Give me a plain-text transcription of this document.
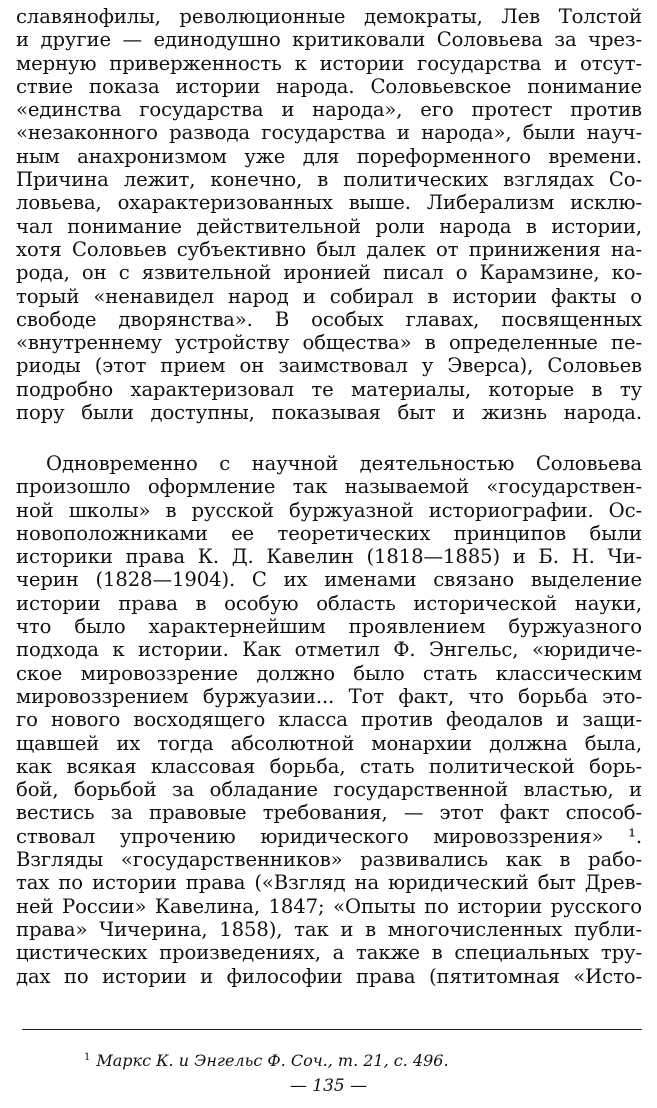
славянофилы, революционные демократы, Лев Толстой
и другие — единодушно критиковали Соловьева за чрез-
мерную приверженность к истории государства и отсут-
ствие показа истории народа. Соловьевское понимание
«единства государства и народа», его протест против
«незаконного развода государства и народа», были науч-
ным анахронизмом уже для пореформенного времени.
Причина лежит, конечно, в политических взглядах Со-
ловьева, охарактеризованных выше. Либерализм исклю-
чал понимание действительной роли народа в истории,
хотя Соловьев субъективно был далек от принижения на-
рода, он с язвительной иронией писал о Карамзине, ко-
торый «ненавидел народ и собирал в истории факты о
свободе дворянства». В особых главах, посвященных
«внутреннему устройству общества» в определенные пе-
риоды (этот прием он заимствовал у Эверса), Соловьев
подробно характеризовал те материалы, которые в ту
пору были доступны, показывая быт и жизнь народа.
Одновременно с научной деятельностью Соловьева
произошло оформление так называемой «государствен-
ной школы» в русской буржуазной историографии. Ос-
новоположниками ее теоретических принципов были
историки права К. Д. Кавелин (1818—1885) и Б. Н. Чи-
черин (1828—1904). С их именами связано выделение
истории права в особую область исторической науки,
что было характернейшим проявлением буржуазного
подхода к истории. Как отметил Ф. Энгельс, «юридиче-
ское мировоззрение должно было стать классическим
мировоззрением буржуазии... Тот факт, что борьба это-
го нового восходящего класса против феодалов и защи-
щавшей их тогда абсолютной монархии должна была,
как всякая классовая борьба, стать политической борь-
бой, борьбой за обладание государственной властью, и
вестись за правовые требования, — этот факт способ-
ствовал упрочению юридического мировоззрения» ¹.
Взгляды «государственников» развивались как в рабо-
тах по истории права («Взгляд на юридический быт Древ-
ней России» Кавелина, 1847; «Опыты по истории русского
права» Чичерина, 1858), так и в многочисленных публи-
цистических произведениях, а также в специальных тру-
дах по истории и философии права (пятитомная «Исто-
$^1$ Маркс К. и Энгельс Ф. Соч., т. 21, с. 496.
— 135 —
